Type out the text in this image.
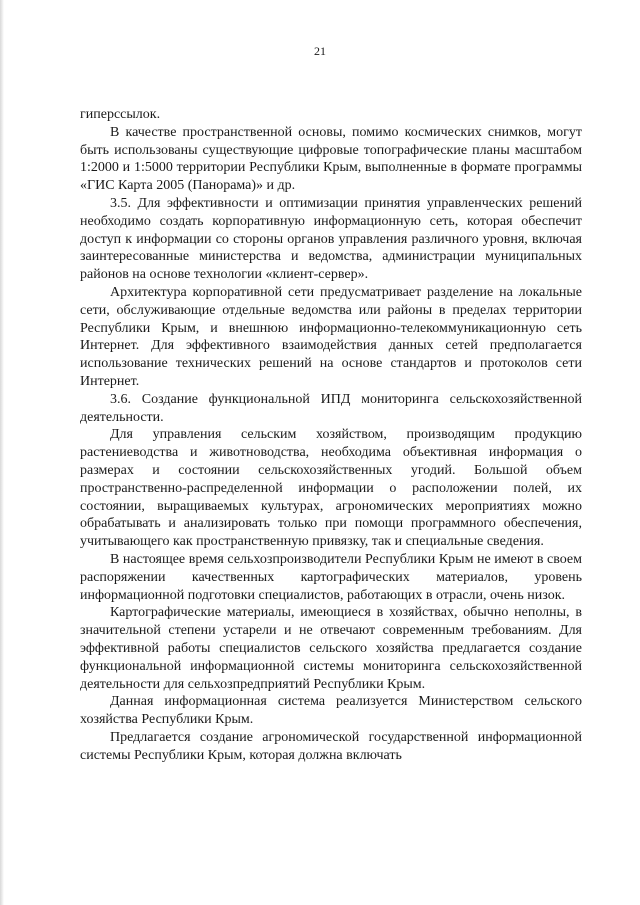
21

гиперссылок.

В качестве пространственной основы, помимо космических снимков, могут быть использованы существующие цифровые топографические планы масштабом 1:2000 и 1:5000 территории Республики Крым, выполненные в формате программы «ГИС Карта 2005 (Панорама)» и др.

3.5. Для эффективности и оптимизации принятия управленческих решений необходимо создать корпоративную информационную сеть, которая обеспечит доступ к информации со стороны органов управления различного уровня, включая заинтересованные министерства и ведомства, администрации муниципальных районов на основе технологии «клиент-сервер».

Архитектура корпоративной сети предусматривает разделение на локальные сети, обслуживающие отдельные ведомства или районы в пределах территории Республики Крым, и внешнюю информационно-телекоммуникационную сеть Интернет. Для эффективного взаимодействия данных сетей предполагается использование технических решений на основе стандартов и протоколов сети Интернет.

3.6. Создание функциональной ИПД мониторинга сельскохозяйственной деятельности.

Для управления сельским хозяйством, производящим продукцию растениеводства и животноводства, необходима объективная информация о размерах и состоянии сельскохозяйственных угодий. Большой объем пространственно-распределенной информации о расположении полей, их состоянии, выращиваемых культурах, агрономических мероприятиях можно обрабатывать и анализировать только при помощи программного обеспечения, учитывающего как пространственную привязку, так и специальные сведения.

В настоящее время сельхозпроизводители Республики Крым не имеют в своем распоряжении качественных картографических материалов, уровень информационной подготовки специалистов, работающих в отрасли, очень низок.

Картографические материалы, имеющиеся в хозяйствах, обычно неполны, в значительной степени устарели и не отвечают современным требованиям. Для эффективной работы специалистов сельского хозяйства предлагается создание функциональной информационной системы мониторинга сельскохозяйственной деятельности для сельхозпредприятий Республики Крым.

Данная информационная система реализуется Министерством сельского хозяйства Республики Крым.

Предлагается создание агрономической государственной информационной системы Республики Крым, которая должна включать
